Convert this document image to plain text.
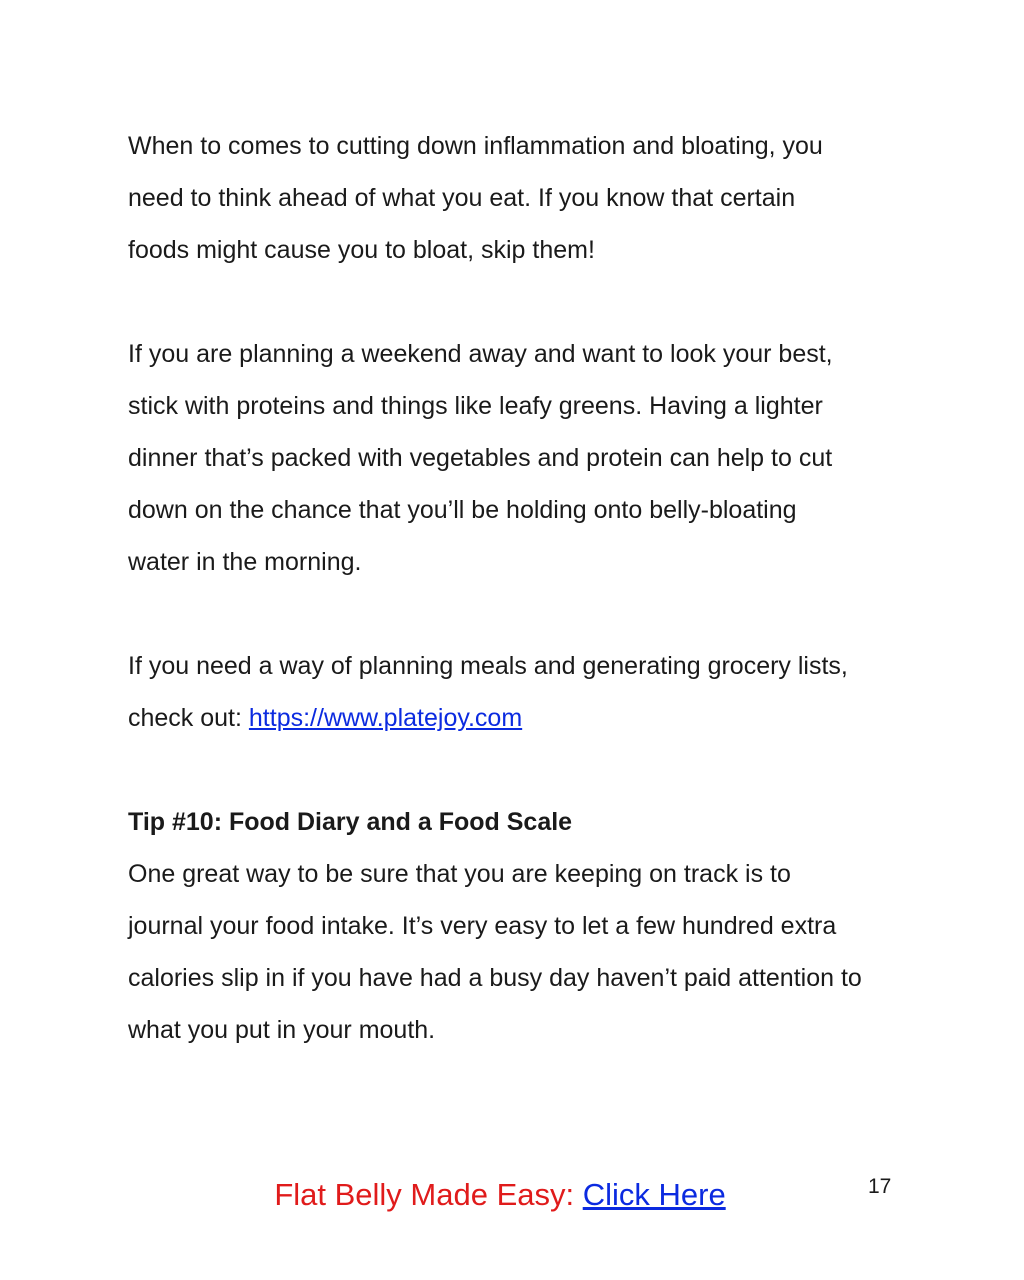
When to comes to cutting down inflammation and bloating, you

need to think ahead of what you eat. If you know that certain

foods might cause you to bloat, skip them!

If you are planning a weekend away and want to look your best,

stick with proteins and things like leafy greens. Having a lighter

dinner that’s packed with vegetables and protein can help to cut

down on the chance that you’ll be holding onto belly-bloating

water in the morning.

If you need a way of planning meals and generating grocery lists,

check out: https://www.platejoy.com

Tip #10: Food Diary and a Food Scale

One great way to be sure that you are keeping on track is to

journal your food intake. It’s very easy to let a few hundred extra

calories slip in if you have had a busy day haven’t paid attention to

what you put in your mouth.

Flat Belly Made Easy: Click Here	17
